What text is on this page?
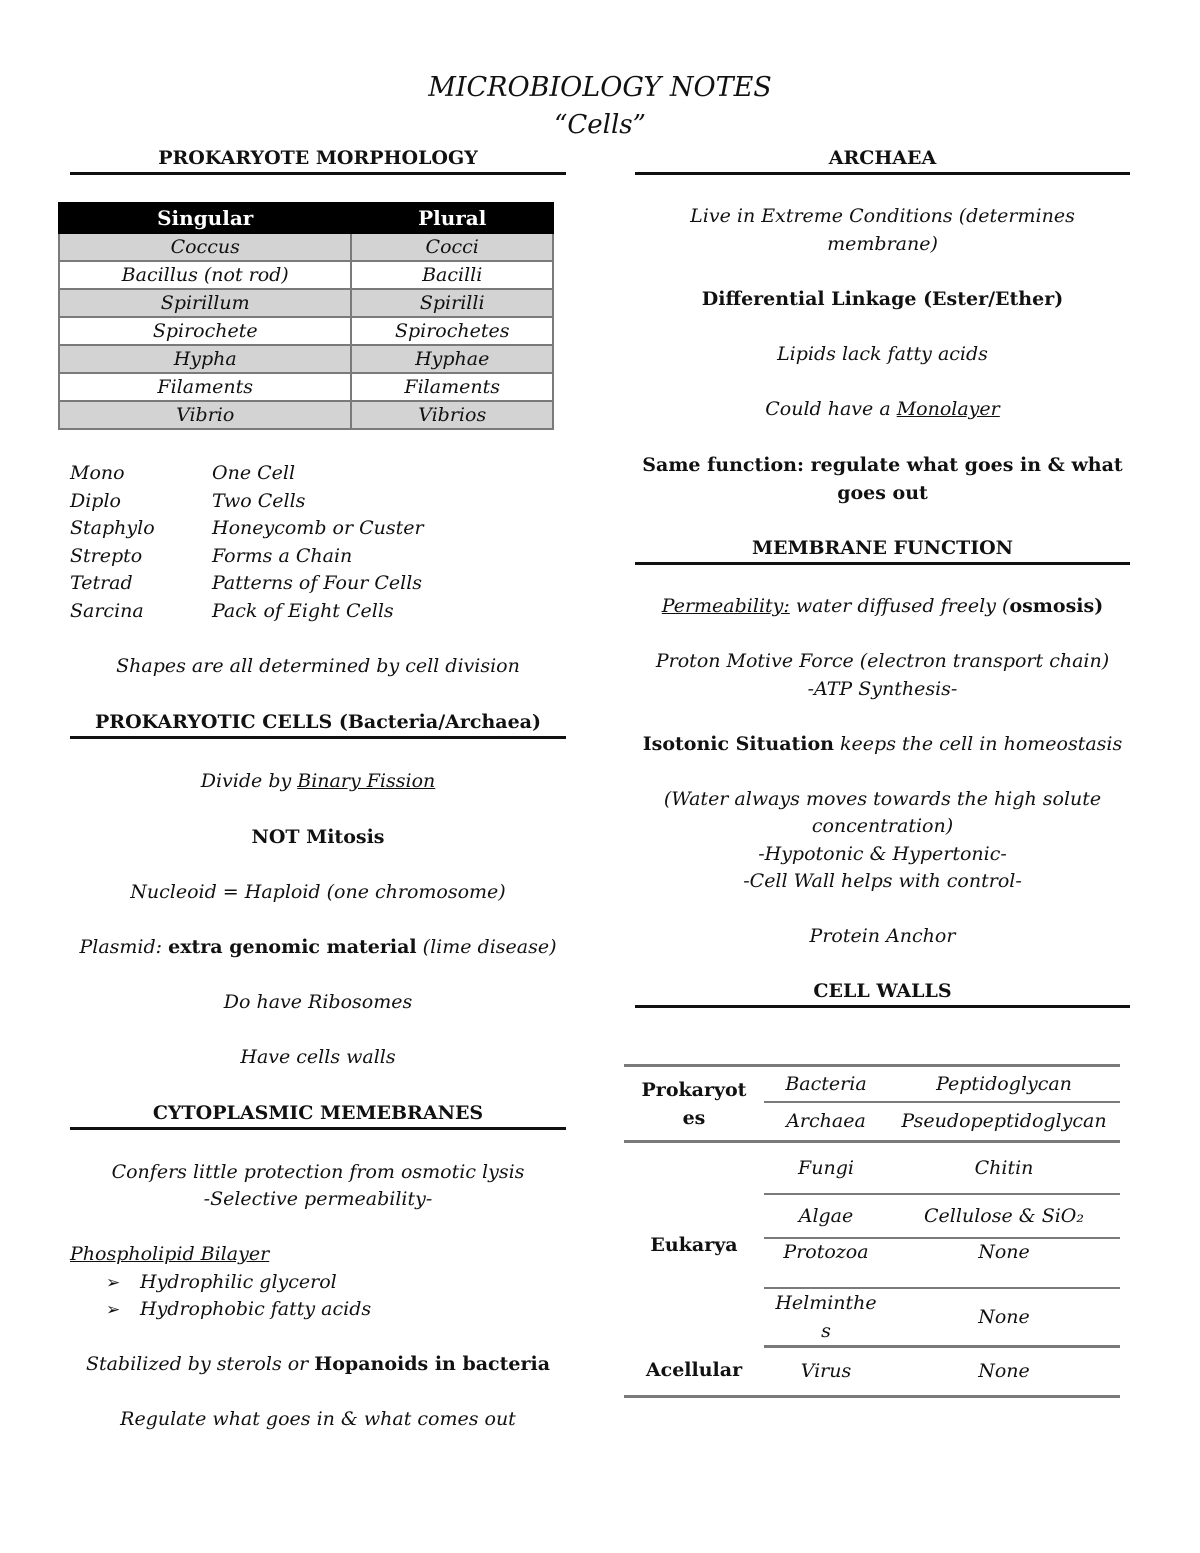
MICROBIOLOGY NOTES
“Cells”
PROKARYOTE MORPHOLOGY
Singular	Plural
Coccus	Cocci
Bacillus (not rod)	Bacilli
Spirillum	Spirilli
Spirochete	Spirochetes
Hypha	Hyphae
Filaments	Filaments
Vibrio	Vibrios
Mono	One Cell
Diplo	Two Cells
Staphylo	Honeycomb or Custer
Strepto	Forms a Chain
Tetrad	Patterns of Four Cells
Sarcina	Pack of Eight Cells
Shapes are all determined by cell division
PROKARYOTIC CELLS (Bacteria/Archaea)
Divide by Binary Fission
NOT Mitosis
Nucleoid = Haploid (one chromosome)
Plasmid: extra genomic material (lime disease)
Do have Ribosomes
Have cells walls
CYTOPLASMIC MEMEBRANES
Confers little protection from osmotic lysis
-Selective permeability-
Phospholipid Bilayer
➢ Hydrophilic glycerol
➢ Hydrophobic fatty acids
Stabilized by sterols or Hopanoids in bacteria
Regulate what goes in & what comes out
ARCHAEA
Live in Extreme Conditions (determines
membrane)
Differential Linkage (Ester/Ether)
Lipids lack fatty acids
Could have a Monolayer
Same function: regulate what goes in & what
goes out
MEMBRANE FUNCTION
Permeability: water diffused freely (osmosis)
Proton Motive Force (electron transport chain)
-ATP Synthesis-
Isotonic Situation keeps the cell in homeostasis
(Water always moves towards the high solute
concentration)
-Hypotonic & Hypertonic-
-Cell Wall helps with control-
Protein Anchor
CELL WALLS
Prokaryot es	Bacteria	Peptidoglycan
	Archaea	Pseudopeptidoglycan
Eukarya	Fungi	Chitin
	Algae	Cellulose & SiO₂
	Protozoa	None
	Helminthe s	None
Acellular	Virus	None
